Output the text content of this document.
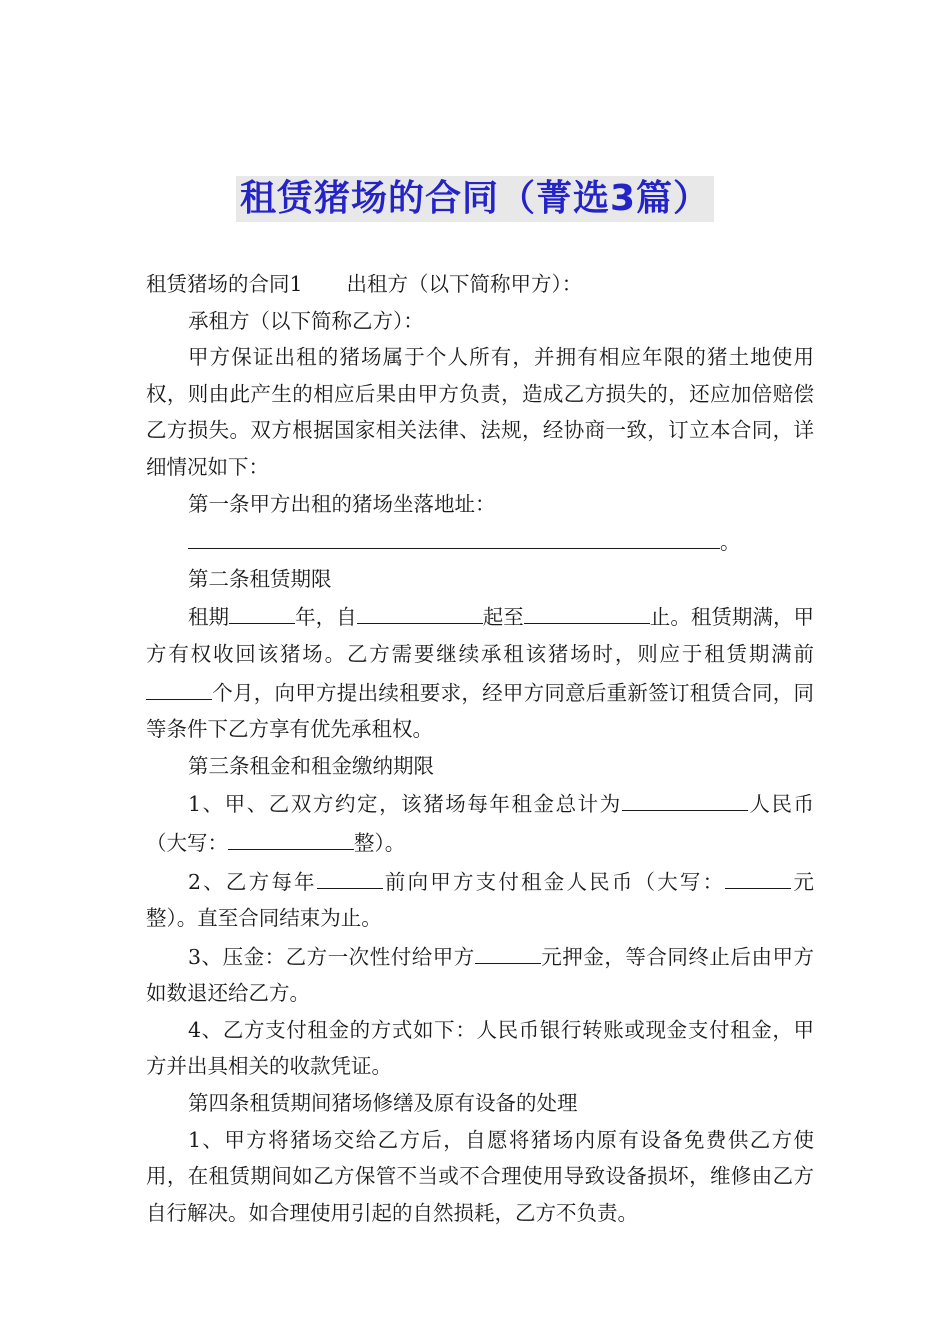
租赁猪场的合同（菁选3篇）

租赁猪场的合同1 出租方（以下简称甲方）：

承租方（以下简称乙方）：

甲方保证出租的猪场属于个人所有，并拥有相应年限的猪土地使用权，则由此产生的相应后果由甲方负责，造成乙方损失的，还应加倍赔偿乙方损失。双方根据国家相关法律、法规，经协商一致，订立本合同，详细情况如下：

第一条甲方出租的猪场坐落地址：

。

第二条租赁期限

租期	年，自	起至	止。租赁期满，甲方有权收回该猪场。乙方需要继续承租该猪场时，则应于租赁期满前个月，向甲方提出续租要求，经甲方同意后重新签订租赁合同，同等条件下乙方享有优先承租权。

第三条租金和租金缴纳期限

1、甲、乙双方约定，该猪场每年租金总计为	人民币（大写：	整）。

2、乙方每年	前向甲方支付租金人民币（大写：	元整）。直至合同结束为止。

3、压金：乙方一次性付给甲方	元押金，等合同终止后由甲方如数退还给乙方。

4、乙方支付租金的方式如下：人民币银行转账或现金支付租金，甲方并出具相关的收款凭证。

第四条租赁期间猪场修缮及原有设备的处理

1、甲方将猪场交给乙方后，自愿将猪场内原有设备免费供乙方使用，在租赁期间如乙方保管不当或不合理使用导致设备损坏，维修由乙方自行解决。如合理使用引起的自然损耗，乙方不负责。
